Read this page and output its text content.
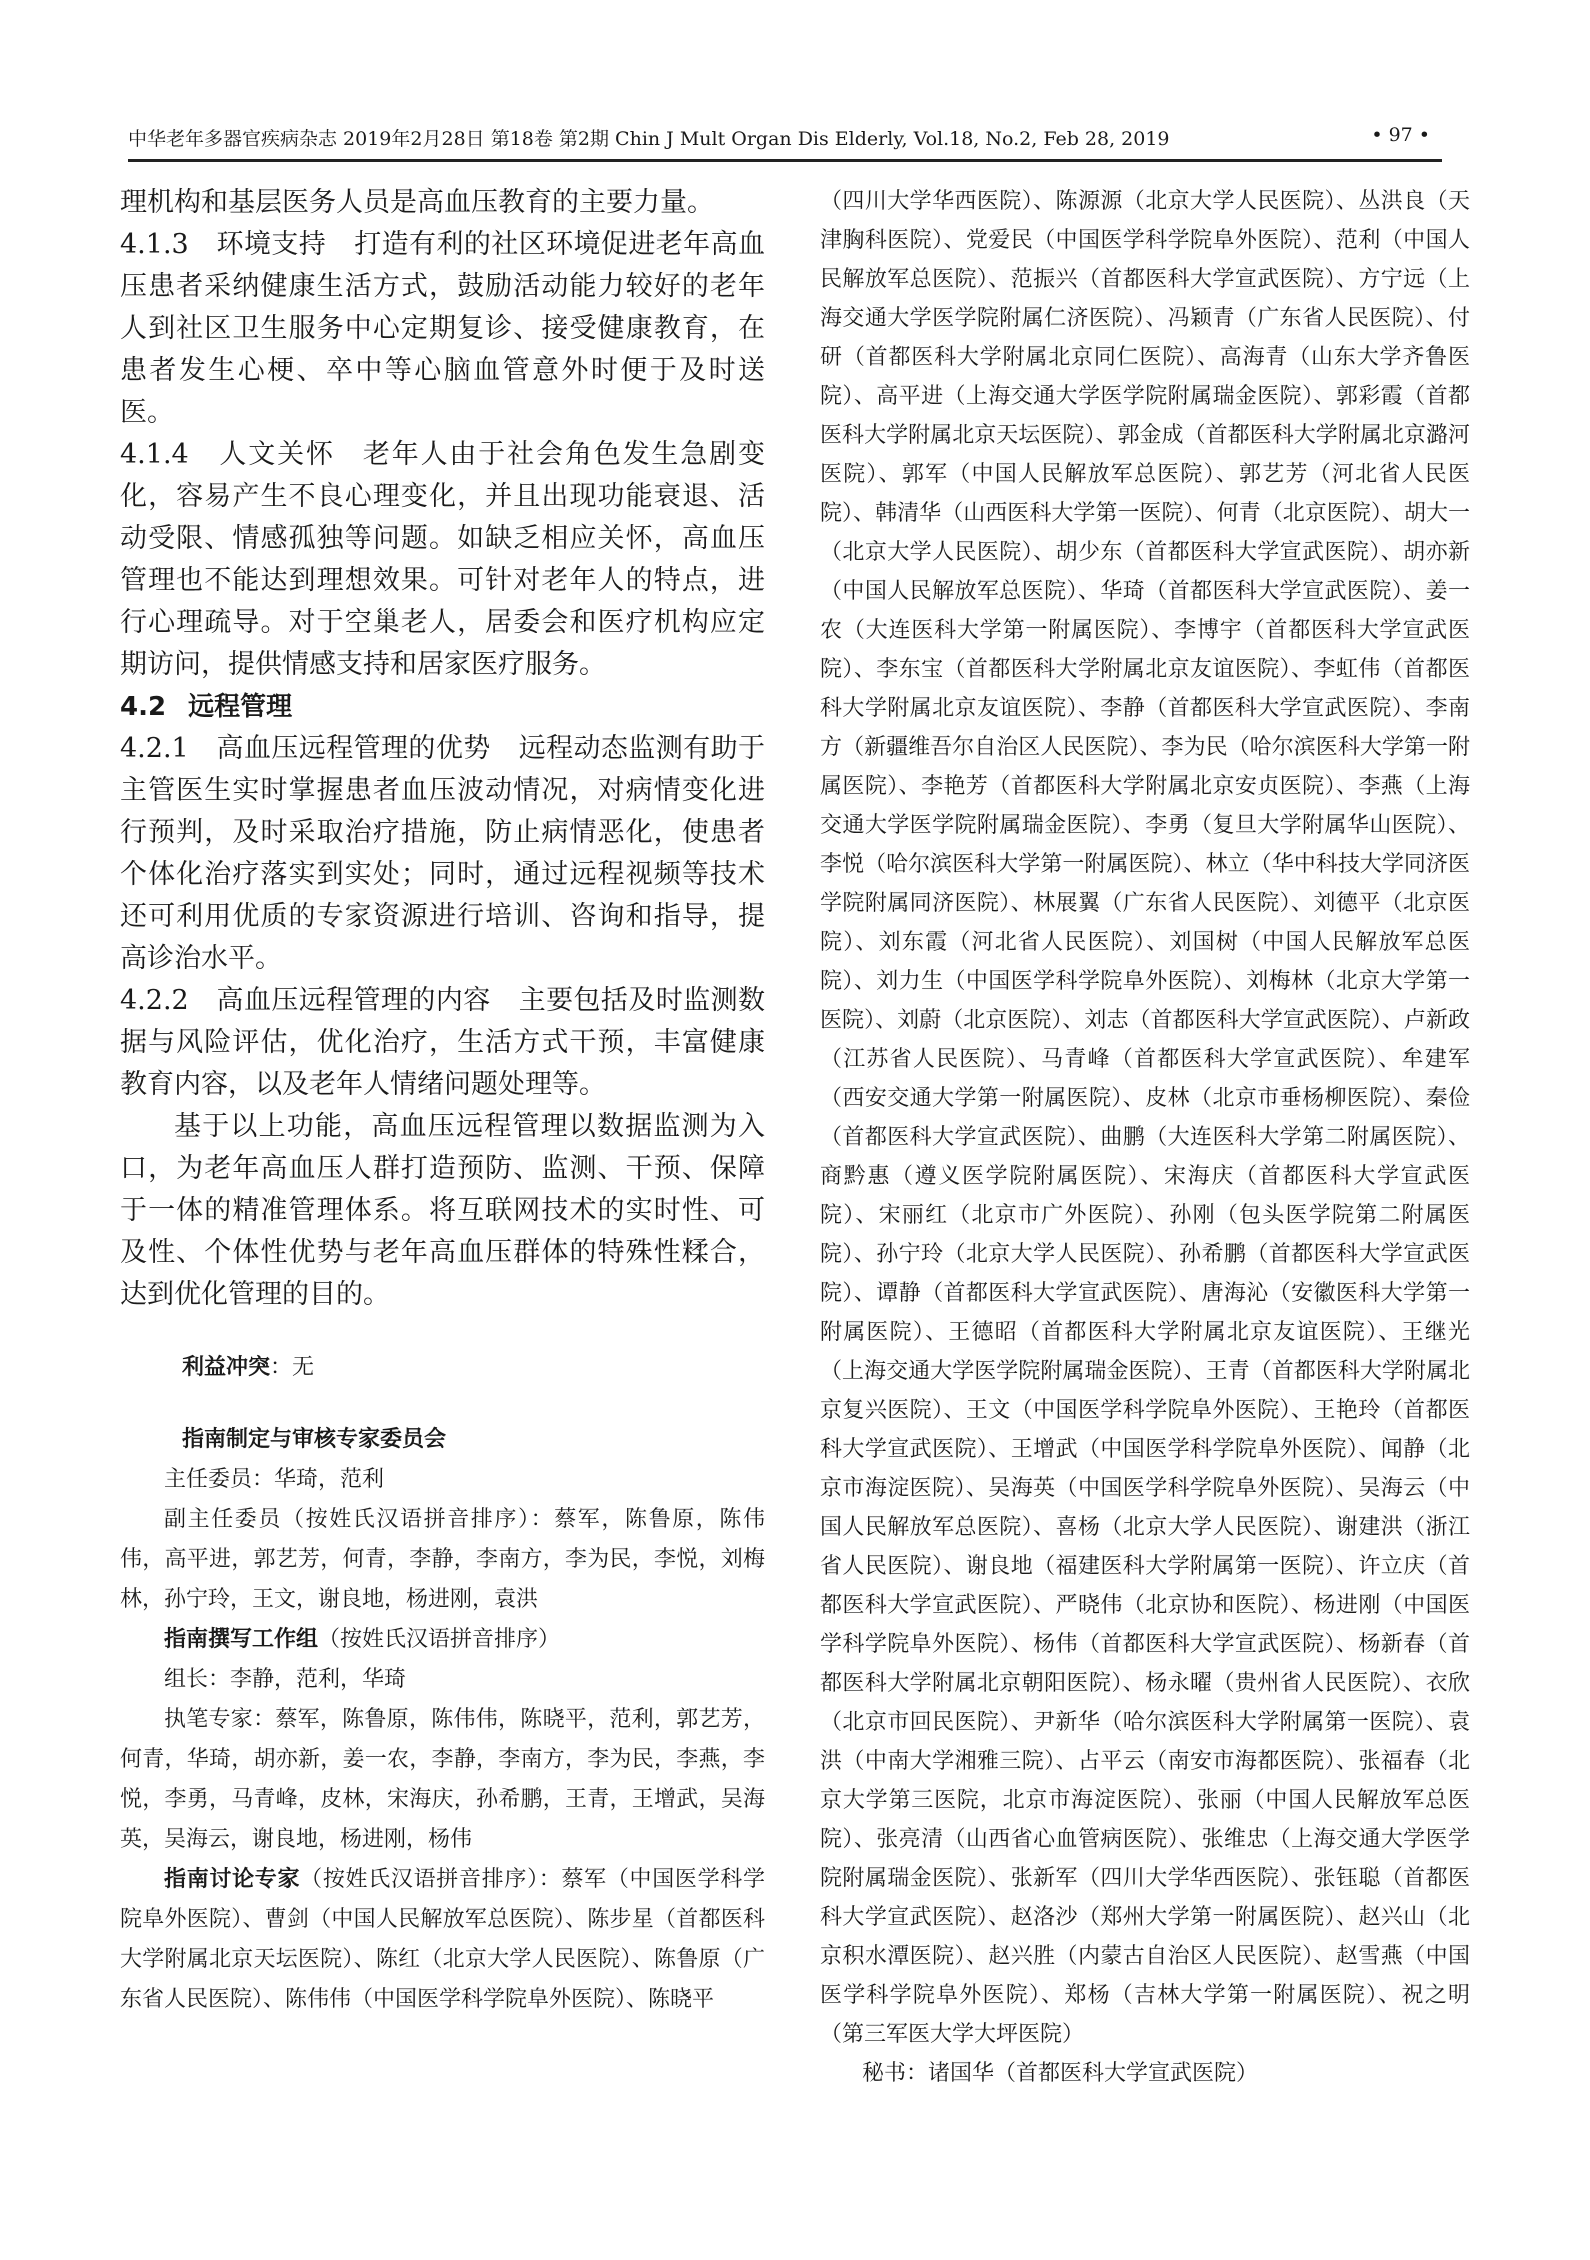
中华老年多器官疾病杂志 2019年2月28日 第18卷 第2期 Chin J Mult Organ Dis Elderly, Vol.18, No.2, Feb 28, 2019	• 97 •

理机构和基层医务人员是高血压教育的主要力量。

4.1.3　环境支持 打造有利的社区环境促进老年高血压患者采纳健康生活方式，鼓励活动能力较好的老年人到社区卫生服务中心定期复诊、接受健康教育，在患者发生心梗、卒中等心脑血管意外时便于及时送医。

4.1.4　人文关怀 老年人由于社会角色发生急剧变化，容易产生不良心理变化，并且出现功能衰退、活动受限、情感孤独等问题。如缺乏相应关怀，高血压管理也不能达到理想效果。可针对老年人的特点，进行心理疏导。对于空巢老人，居委会和医疗机构应定期访问，提供情感支持和居家医疗服务。

4.2 远程管理

4.2.1　高血压远程管理的优势 远程动态监测有助于主管医生实时掌握患者血压波动情况，对病情变化进行预判，及时采取治疗措施，防止病情恶化，使患者个体化治疗落实到实处；同时，通过远程视频等技术还可利用优质的专家资源进行培训、咨询和指导，提高诊治水平。

4.2.2　高血压远程管理的内容 主要包括及时监测数据与风险评估，优化治疗，生活方式干预，丰富健康教育内容，以及老年人情绪问题处理等。

基于以上功能，高血压远程管理以数据监测为入口，为老年高血压人群打造预防、监测、干预、保障于一体的精准管理体系。将互联网技术的实时性、可及性、个体性优势与老年高血压群体的特殊性糅合，达到优化管理的目的。

利益冲突：无

指南制定与审核专家委员会

主任委员：华琦，范利

副主任委员（按姓氏汉语拼音排序）：蔡军，陈鲁原，陈伟伟，高平进，郭艺芳，何青，李静，李南方，李为民，李悦，刘梅林，孙宁玲，王文，谢良地，杨进刚，袁洪

指南撰写工作组（按姓氏汉语拼音排序）

组长：李静，范利，华琦

执笔专家：蔡军，陈鲁原，陈伟伟，陈晓平，范利，郭艺芳，何青，华琦，胡亦新，姜一农，李静，李南方，李为民，李燕，李悦，李勇，马青峰，皮林，宋海庆，孙希鹏，王青，王增武，吴海英，吴海云，谢良地，杨进刚，杨伟

指南讨论专家（按姓氏汉语拼音排序）：蔡军（中国医学科学院阜外医院）、曹剑（中国人民解放军总医院）、陈步星（首都医科大学附属北京天坛医院）、陈红（北京大学人民医院）、陈鲁原（广东省人民医院）、陈伟伟（中国医学科学院阜外医院）、陈晓平

（四川大学华西医院）、陈源源（北京大学人民医院）、丛洪良（天津胸科医院）、党爱民（中国医学科学院阜外医院）、范利（中国人民解放军总医院）、范振兴（首都医科大学宣武医院）、方宁远（上海交通大学医学院附属仁济医院）、冯颖青（广东省人民医院）、付研（首都医科大学附属北京同仁医院）、高海青（山东大学齐鲁医院）、高平进（上海交通大学医学院附属瑞金医院）、郭彩霞（首都医科大学附属北京天坛医院）、郭金成（首都医科大学附属北京潞河医院）、郭军（中国人民解放军总医院）、郭艺芳（河北省人民医院）、韩清华（山西医科大学第一医院）、何青（北京医院）、胡大一（北京大学人民医院）、胡少东（首都医科大学宣武医院）、胡亦新（中国人民解放军总医院）、华琦（首都医科大学宣武医院）、姜一农（大连医科大学第一附属医院）、李博宇（首都医科大学宣武医院）、李东宝（首都医科大学附属北京友谊医院）、李虹伟（首都医科大学附属北京友谊医院）、李静（首都医科大学宣武医院）、李南方（新疆维吾尔自治区人民医院）、李为民（哈尔滨医科大学第一附属医院）、李艳芳（首都医科大学附属北京安贞医院）、李燕（上海交通大学医学院附属瑞金医院）、李勇（复旦大学附属华山医院）、李悦（哈尔滨医科大学第一附属医院）、林立（华中科技大学同济医学院附属同济医院）、林展翼（广东省人民医院）、刘德平（北京医院）、刘东霞（河北省人民医院）、刘国树（中国人民解放军总医院）、刘力生（中国医学科学院阜外医院）、刘梅林（北京大学第一医院）、刘蔚（北京医院）、刘志（首都医科大学宣武医院）、卢新政（江苏省人民医院）、马青峰（首都医科大学宣武医院）、牟建军（西安交通大学第一附属医院）、皮林（北京市垂杨柳医院）、秦俭（首都医科大学宣武医院）、曲鹏（大连医科大学第二附属医院）、商黔惠（遵义医学院附属医院）、宋海庆（首都医科大学宣武医院）、宋丽红（北京市广外医院）、孙刚（包头医学院第二附属医院）、孙宁玲（北京大学人民医院）、孙希鹏（首都医科大学宣武医院）、谭静（首都医科大学宣武医院）、唐海沁（安徽医科大学第一附属医院）、王德昭（首都医科大学附属北京友谊医院）、王继光（上海交通大学医学院附属瑞金医院）、王青（首都医科大学附属北京复兴医院）、王文（中国医学科学院阜外医院）、王艳玲（首都医科大学宣武医院）、王增武（中国医学科学院阜外医院）、闻静（北京市海淀医院）、吴海英（中国医学科学院阜外医院）、吴海云（中国人民解放军总医院）、喜杨（北京大学人民医院）、谢建洪（浙江省人民医院）、谢良地（福建医科大学附属第一医院）、许立庆（首都医科大学宣武医院）、严晓伟（北京协和医院）、杨进刚（中国医学科学院阜外医院）、杨伟（首都医科大学宣武医院）、杨新春（首都医科大学附属北京朝阳医院）、杨永曜（贵州省人民医院）、衣欣（北京市回民医院）、尹新华（哈尔滨医科大学附属第一医院）、袁洪（中南大学湘雅三院）、占平云（南安市海都医院）、张福春（北京大学第三医院，北京市海淀医院）、张丽（中国人民解放军总医院）、张亮清（山西省心血管病医院）、张维忠（上海交通大学医学院附属瑞金医院）、张新军（四川大学华西医院）、张钰聪（首都医科大学宣武医院）、赵洛沙（郑州大学第一附属医院）、赵兴山（北京积水潭医院）、赵兴胜（内蒙古自治区人民医院）、赵雪燕（中国医学科学院阜外医院）、郑杨（吉林大学第一附属医院）、祝之明（第三军医大学大坪医院）

秘书：诸国华（首都医科大学宣武医院）
